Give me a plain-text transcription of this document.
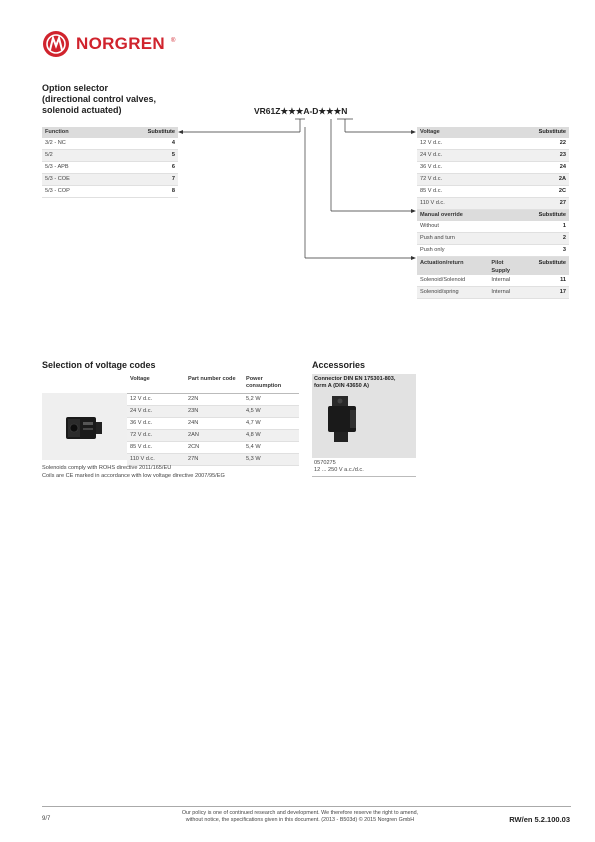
NORGREN ®
Option selector
(directional control valves,
solenoid actuated)	VR61Z★★★A-D★★★N
Function	Substitute
3/2 - NC	4
5/2	5
5/3 - APB	6
5/3 - COE	7
5/3 - COP	8
Voltage		Substitute
12 V d.c.		22
24 V d.c.		23
36 V d.c.		24
72 V d.c.		2A
85 V d.c.		2C
110 V d.c.		27
Manual override		Substitute
Without		1
Push and turn		2
Push only		3
Actuation/return	Pilot Supply	Substitute
Solenoid/Solenoid	Internal	11
Solenoid/spring	Internal	17
Selection of voltage codes
Voltage	Part number code	Power consumption
12 V d.c.	22N	5,2 W
24 V d.c.	23N	4,5 W
36 V d.c.	24N	4,7 W
72 V d.c.	2AN	4,8 W
85 V d.c.	2CN	5,4 W
110 V d.c.	27N	5,3 W
Solenoids comply with ROHS directive 2011/165/EU
Coils are CE marked in accordance with low voltage directive 2007/95/EG
Accessories
Connector DIN EN 175301-803,
form A (DIN 43650 A)
0570275
12 ... 250 V a.c./d.c.
9/7
Our policy is one of continued research and development. We therefore reserve the right to amend,
without notice, the specifications given in this document. (2013 - B503d) © 2015 Norgren GmbH	RW/en 5.2.100.03
